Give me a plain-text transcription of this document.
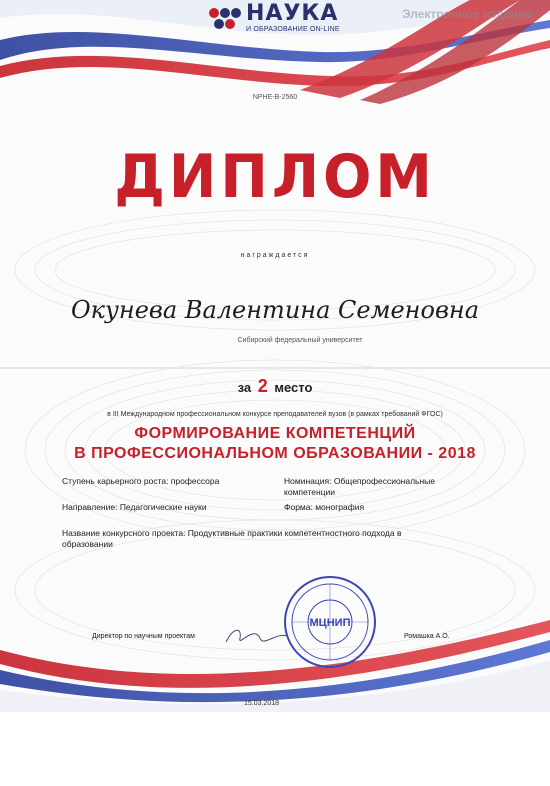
НАУКА
И ОБРАЗОВАНИЕ ON-LINE
Электронное издание
NPНЕ-В-2560
ДИПЛОМ
награждается
Окунева Валентина Семеновна
Сибирский федеральный университет
за 2 место
в III Международном профессиональном конкурсе преподавателей вузов (в рамках требований ФГОС)
ФОРМИРОВАНИЕ КОМПЕТЕНЦИЙ
В ПРОФЕССИОНАЛЬНОМ ОБРАЗОВАНИИ - 2018
Ступень карьерного роста: профессора	Номинация: Общепрофессиональные компетенции
Направление: Педагогические науки	Форма: монография
Название конкурсного проекта: Продуктивные практики компетентностного подхода в образовании
Директор по научным проектам	Ромашка А.О.
МЦНИП
15.03.2018
